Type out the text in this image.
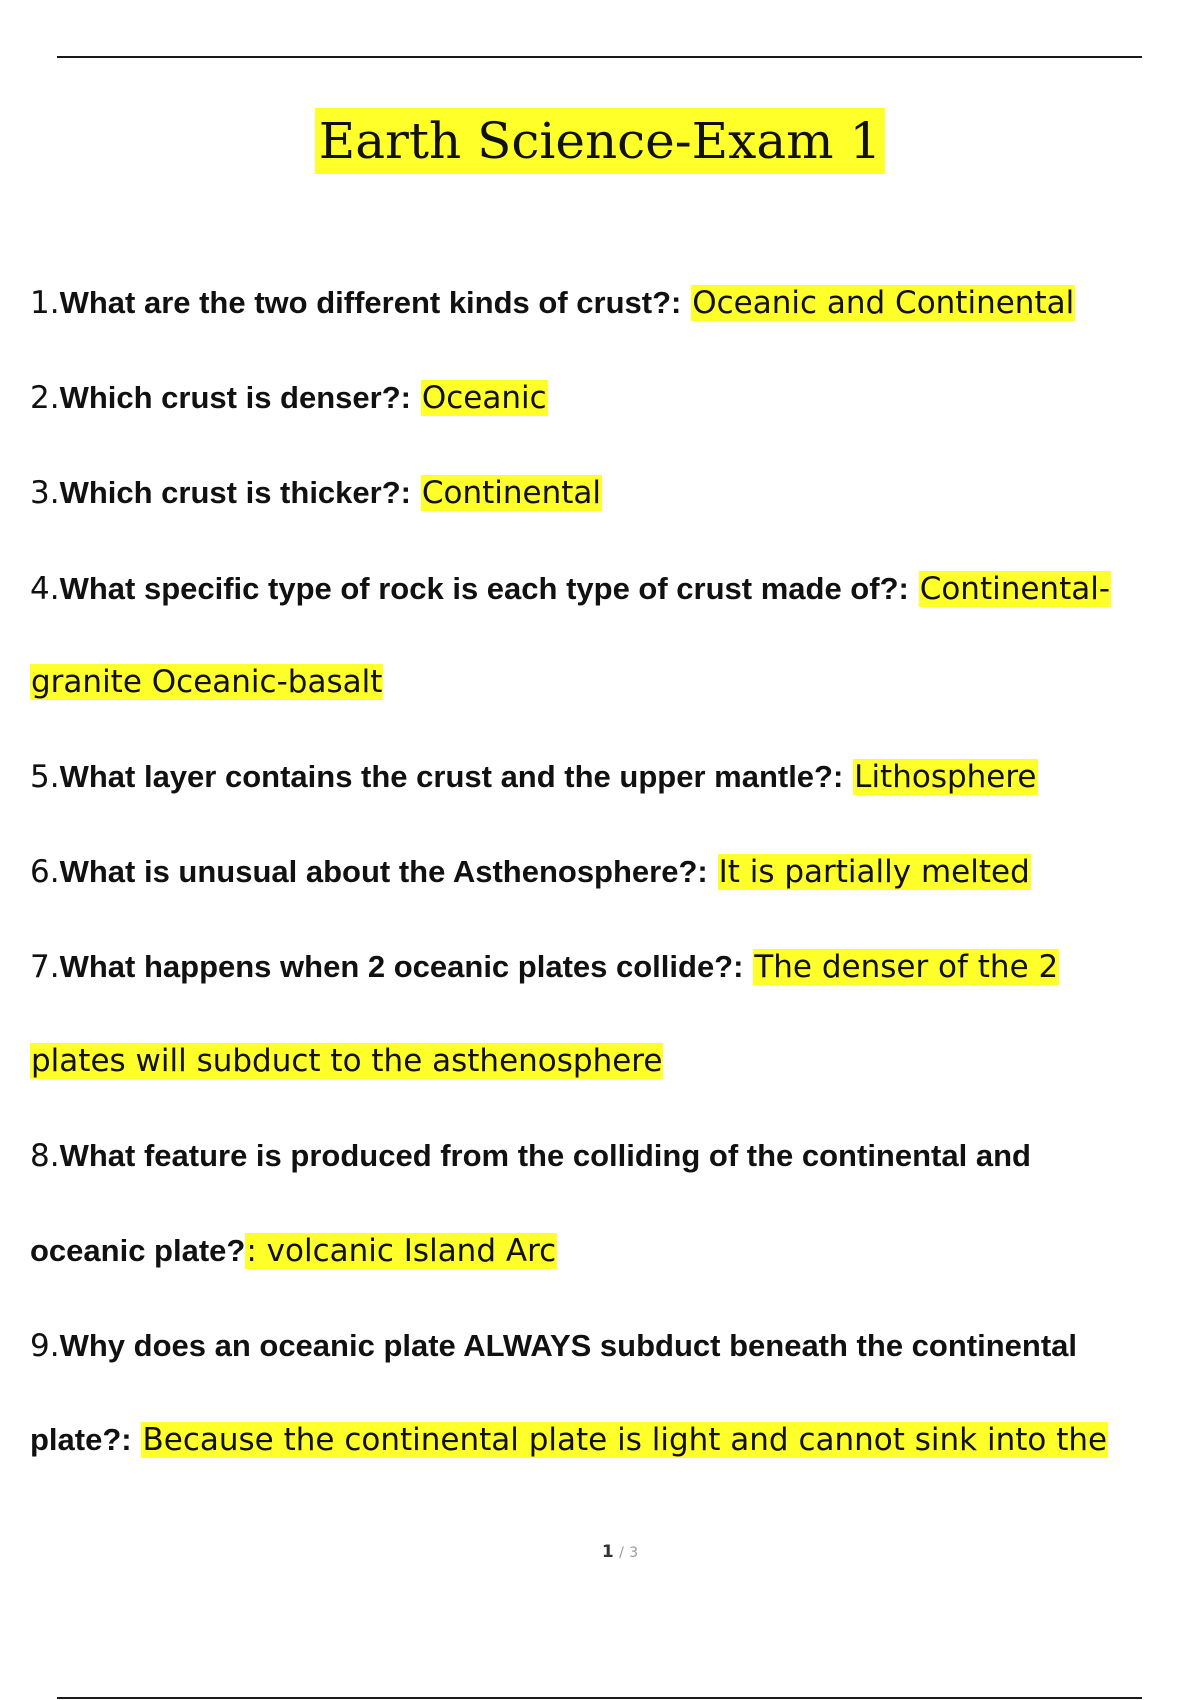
Earth Science-Exam 1
1.What are the two different kinds of crust?: Oceanic and Continental
2.Which crust is denser?: Oceanic
3.Which crust is thicker?: Continental
4.What specific type of rock is each type of crust made of?: Continental-
granite Oceanic-basalt
5.What layer contains the crust and the upper mantle?: Lithosphere
6.What is unusual about the Asthenosphere?: It is partially melted
7.What happens when 2 oceanic plates collide?: The denser of the 2
plates will subduct to the asthenosphere
8.What feature is produced from the colliding of the continental and
oceanic plate?: volcanic Island Arc
9.Why does an oceanic plate ALWAYS subduct beneath the continental
plate?: Because the continental plate is light and cannot sink into the
1 / 3
